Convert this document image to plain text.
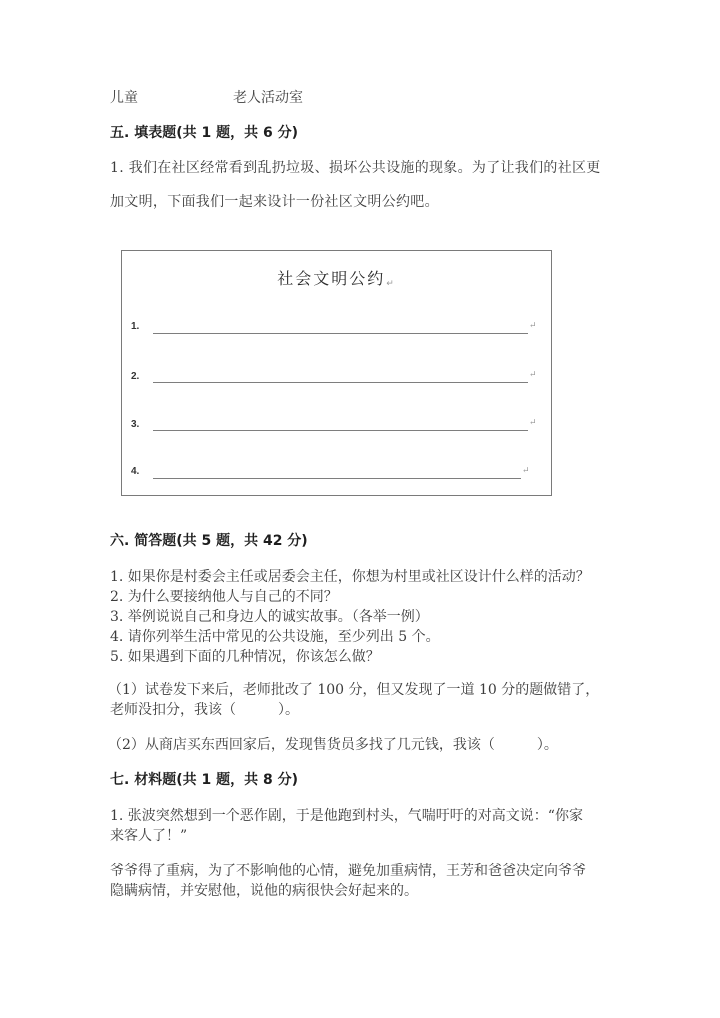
儿童	老人活动室
五. 填表题(共 1 题，共 6 分)
1. 我们在社区经常看到乱扔垃圾、损坏公共设施的现象。为了让我们的社区更
加文明，下面我们一起来设计一份社区文明公约吧。
社会文明公约↵
1.	↵
2.	↵
3.	↵
4.	↵
六. 简答题(共 5 题，共 42 分)
1. 如果你是村委会主任或居委会主任，你想为村里或社区设计什么样的活动？
2. 为什么要接纳他人与自己的不同？
3. 举例说说自己和身边人的诚实故事。（各举一例）
4. 请你列举生活中常见的公共设施，至少列出 5 个。
5. 如果遇到下面的几种情况，你该怎么做？
（1）试卷发下来后，老师批改了 100 分，但又发现了一道 10 分的题做错了，
老师没扣分，我该（　　　）。
（2）从商店买东西回家后，发现售货员多找了几元钱，我该（　　　）。
七. 材料题(共 1 题，共 8 分)
1. 张波突然想到一个恶作剧，于是他跑到村头，气喘吁吁的对高文说：“你家
来客人了！”
爷爷得了重病，为了不影响他的心情，避免加重病情，王芳和爸爸决定向爷爷
隐瞒病情，并安慰他，说他的病很快会好起来的。
